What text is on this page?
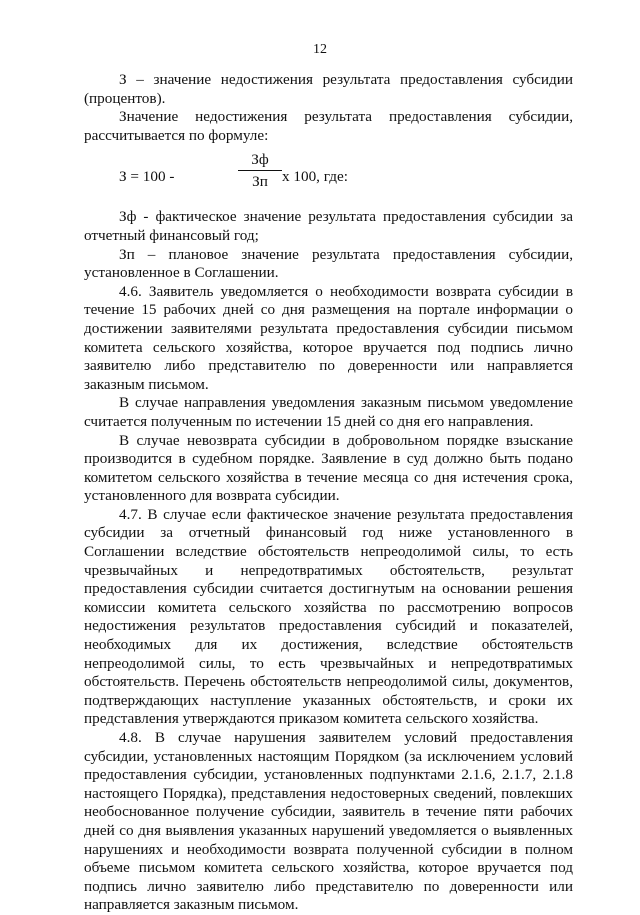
12

З – значение недостижения результата предоставления субсидии (процентов).

Значение недостижения результата предоставления субсидии, рассчитывается по формуле:

З = 100 -
Зф
Зп х 100, где:

Зф - фактическое значение результата предоставления субсидии за отчетный финансовый год;

Зп – плановое значение результата предоставления субсидии, установленное в Соглашении.

4.6. Заявитель уведомляется о необходимости возврата субсидии в течение 15 рабочих дней со дня размещения на портале информации о достижении заявителями результата предоставления субсидии письмом комитета сельского хозяйства, которое вручается под подпись лично заявителю либо представителю по доверенности или направляется заказным письмом.

В случае направления уведомления заказным письмом уведомление считается полученным по истечении 15 дней со дня его направления.

В случае невозврата субсидии в добровольном порядке взыскание производится в судебном порядке. Заявление в суд должно быть подано комитетом сельского хозяйства в течение месяца со дня истечения срока, установленного для возврата субсидии.

4.7. В случае если фактическое значение результата предоставления субсидии за отчетный финансовый год ниже установленного в Соглашении вследствие обстоятельств непреодолимой силы, то есть чрезвычайных и непредотвратимых обстоятельств, результат предоставления субсидии считается достигнутым на основании решения комиссии комитета сельского хозяйства по рассмотрению вопросов недостижения результатов предоставления субсидий и показателей, необходимых для их достижения, вследствие обстоятельств непреодолимой силы, то есть чрезвычайных и непредотвратимых обстоятельств. Перечень обстоятельств непреодолимой силы, документов, подтверждающих наступление указанных обстоятельств, и сроки их представления утверждаются приказом комитета сельского хозяйства.

4.8. В случае нарушения заявителем условий предоставления субсидии, установленных настоящим Порядком (за исключением условий предоставления субсидии, установленных подпунктами 2.1.6, 2.1.7, 2.1.8 настоящего Порядка), представления недостоверных сведений, повлекших необоснованное получение субсидии, заявитель в течение пяти рабочих дней со дня выявления указанных нарушений уведомляется о выявленных нарушениях и необходимости возврата полученной субсидии в полном объеме письмом комитета сельского хозяйства, которое вручается под подпись лично заявителю либо представителю по доверенности или направляется заказным письмом.
